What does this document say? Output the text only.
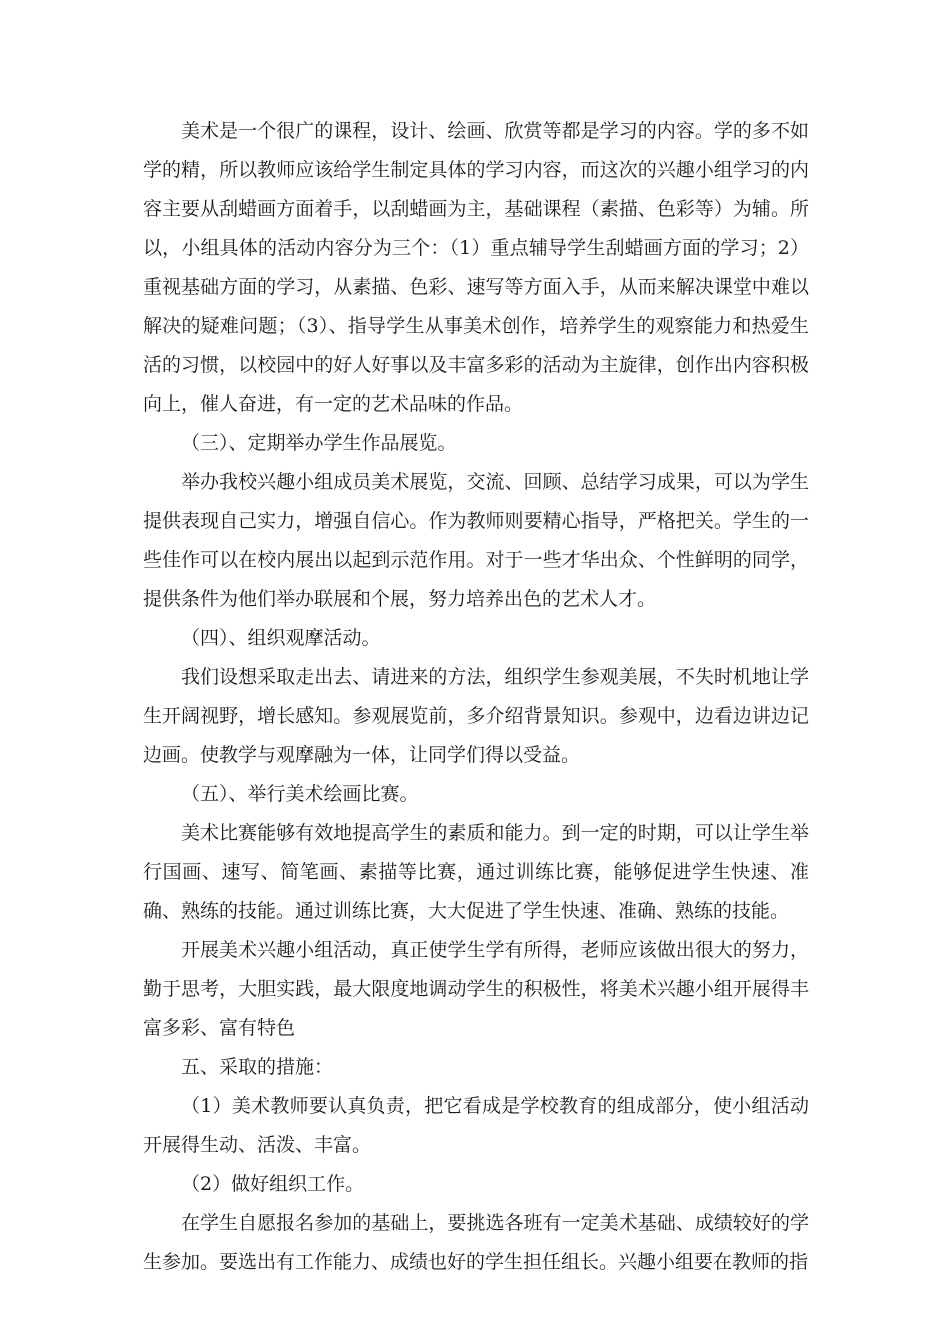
美术是一个很广的课程，设计、绘画、欣赏等都是学习的内容。学的多不如学的精，所以教师应该给学生制定具体的学习内容，而这次的兴趣小组学习的内容主要从刮蜡画方面着手，以刮蜡画为主，基础课程（素描、色彩等）为辅。所以，小组具体的活动内容分为三个：（1）重点辅导学生刮蜡画方面的学习；2）重视基础方面的学习，从素描、色彩、速写等方面入手，从而来解决课堂中难以解决的疑难问题；（3）、指导学生从事美术创作，培养学生的观察能力和热爱生活的习惯，以校园中的好人好事以及丰富多彩的活动为主旋律，创作出内容积极向上，催人奋进，有一定的艺术品味的作品。

（三）、定期举办学生作品展览。

举办我校兴趣小组成员美术展览，交流、回顾、总结学习成果，可以为学生提供表现自己实力，增强自信心。作为教师则要精心指导，严格把关。学生的一些佳作可以在校内展出以起到示范作用。对于一些才华出众、个性鲜明的同学，提供条件为他们举办联展和个展，努力培养出色的艺术人才。

（四）、组织观摩活动。

我们设想采取走出去、请进来的方法，组织学生参观美展，不失时机地让学生开阔视野，增长感知。参观展览前，多介绍背景知识。参观中，边看边讲边记边画。使教学与观摩融为一体，让同学们得以受益。

（五）、举行美术绘画比赛。

美术比赛能够有效地提高学生的素质和能力。到一定的时期，可以让学生举行国画、速写、简笔画、素描等比赛，通过训练比赛，能够促进学生快速、准确、熟练的技能。通过训练比赛，大大促进了学生快速、准确、熟练的技能。

开展美术兴趣小组活动，真正使学生学有所得，老师应该做出很大的努力，勤于思考，大胆实践，最大限度地调动学生的积极性，将美术兴趣小组开展得丰富多彩、富有特色

五、采取的措施：

（1）美术教师要认真负责，把它看成是学校教育的组成部分，使小组活动开展得生动、活泼、丰富。

（2）做好组织工作。

在学生自愿报名参加的基础上，要挑选各班有一定美术基础、成绩较好的学生参加。要选出有工作能力、成绩也好的学生担任组长。兴趣小组要在教师的指
